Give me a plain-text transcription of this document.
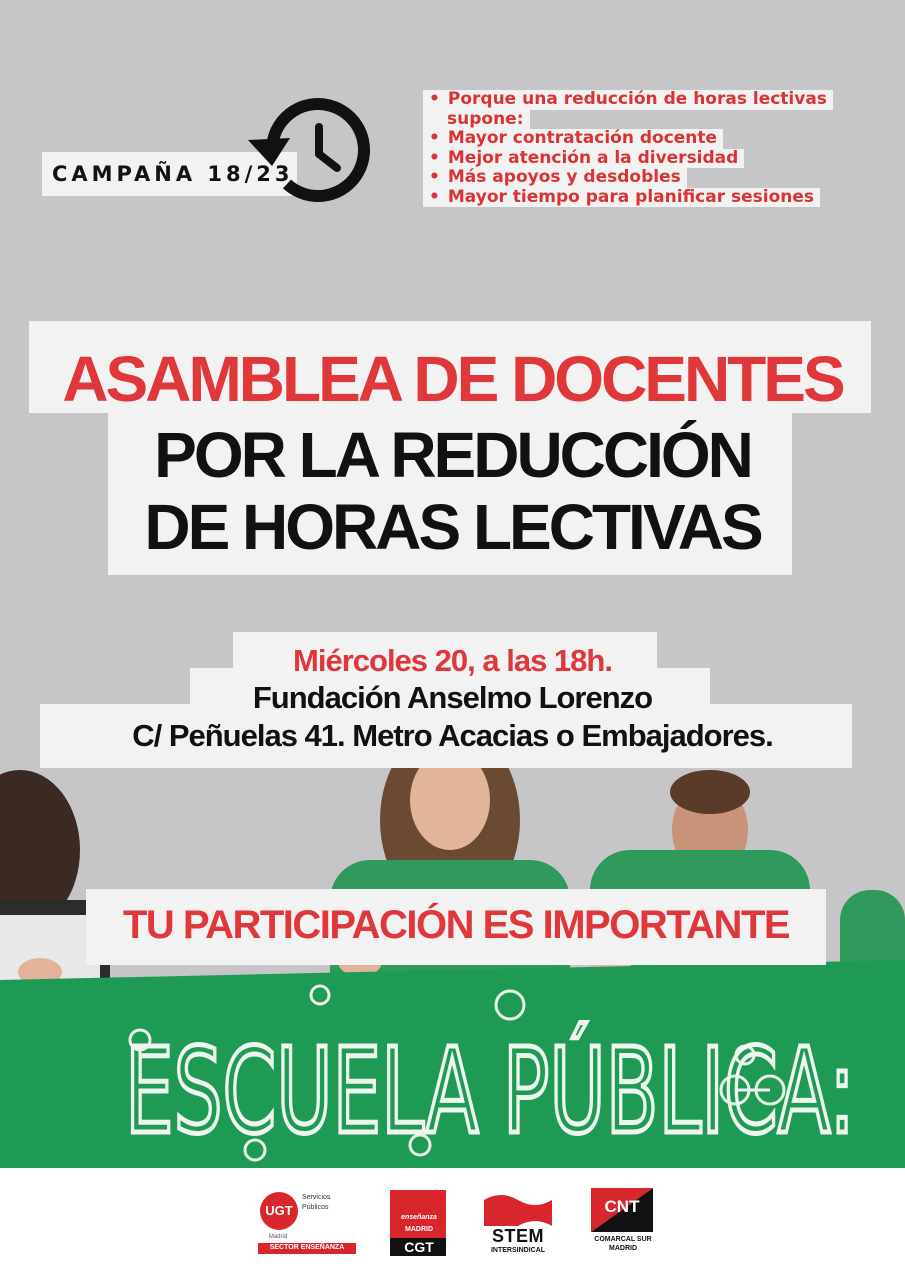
CAMPAÑA 18/23
• Porque una reducción de horas lectivas
supone:
• Mayor contratación docente
• Mejor atención a la diversidad
• Más apoyos y desdobles
• Mayor tiempo para planificar sesiones
ASAMBLEA DE DOCENTES
POR LA REDUCCIÓN
DE HORAS LECTIVAS
ESCUELA PÚBLICA:

Miércoles 20, a las 18h.

Fundación Anselmo Lorenzo

C/ Peñuelas 41. Metro Acacias o Embajadores.

TU PARTICIPACIÓN ES IMPORTANTE

UGT
Servicios
Públicos
Madrid
SECTOR ENSEÑANZA
enseñanza
MADRID
CGT
STEM
INTERSINDICAL
CNT
COMARCAL SUR
MADRID
